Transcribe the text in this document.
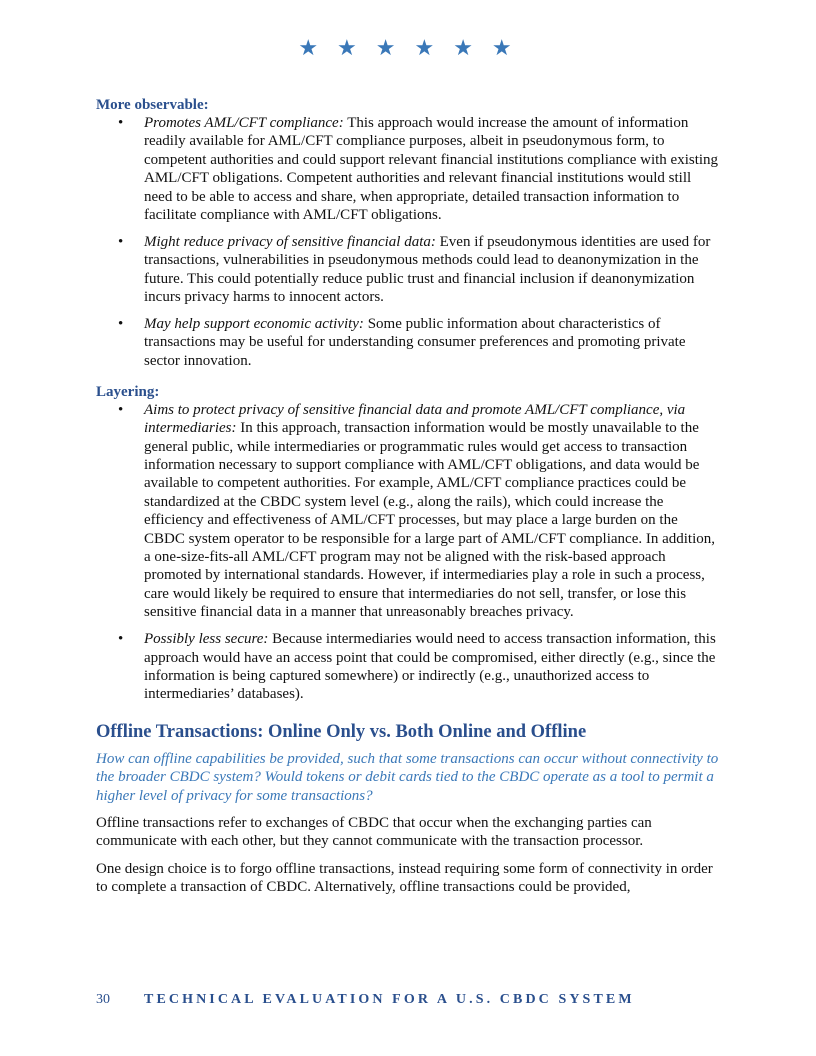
★ ★ ★ ★ ★ ★
More observable:
• Promotes AML/CFT compliance: This approach would increase the amount of information readily available for AML/CFT compliance purposes, albeit in pseudonymous form, to competent authorities and could support relevant financial institutions compliance with existing AML/CFT obligations. Competent authorities and relevant financial institutions would still need to be able to access and share, when appropriate, detailed transaction information to facilitate compliance with AML/CFT obligations.
• Might reduce privacy of sensitive financial data: Even if pseudonymous identities are used for transactions, vulnerabilities in pseudonymous methods could lead to deanonymization in the future. This could potentially reduce public trust and financial inclusion if deanonymization incurs privacy harms to innocent actors.
• May help support economic activity: Some public information about characteristics of transactions may be useful for understanding consumer preferences and promoting private sector innovation.
Layering:
• Aims to protect privacy of sensitive financial data and promote AML/CFT compliance, via intermediaries: In this approach, transaction information would be mostly unavailable to the general public, while intermediaries or programmatic rules would get access to transaction information necessary to support compliance with AML/CFT obligations, and data would be available to competent authorities. For example, AML/CFT compliance practices could be standardized at the CBDC system level (e.g., along the rails), which could increase the efficiency and effectiveness of AML/CFT processes, but may place a large burden on the CBDC system operator to be responsible for a large part of AML/CFT compliance. In addition, a one-size-fits-all AML/CFT program may not be aligned with the risk-based approach promoted by international standards. However, if intermediaries play a role in such a process, care would likely be required to ensure that intermediaries do not sell, transfer, or lose this sensitive financial data in a manner that unreasonably breaches privacy.
• Possibly less secure: Because intermediaries would need to access transaction information, this approach would have an access point that could be compromised, either directly (e.g., since the information is being captured somewhere) or indirectly (e.g., unauthorized access to intermediaries’ databases).
Offline Transactions: Online Only vs. Both Online and Offline

How can offline capabilities be provided, such that some transactions can occur without connectivity to the broader CBDC system? Would tokens or debit cards tied to the CBDC operate as a tool to permit a higher level of privacy for some transactions?

Offline transactions refer to exchanges of CBDC that occur when the exchanging parties can communicate with each other, but they cannot communicate with the transaction processor.

One design choice is to forgo offline transactions, instead requiring some form of connectivity in order to complete a transaction of CBDC. Alternatively, offline transactions could be provided,

30 TECHNICAL EVALUATION FOR A U.S. CBDC SYSTEM
